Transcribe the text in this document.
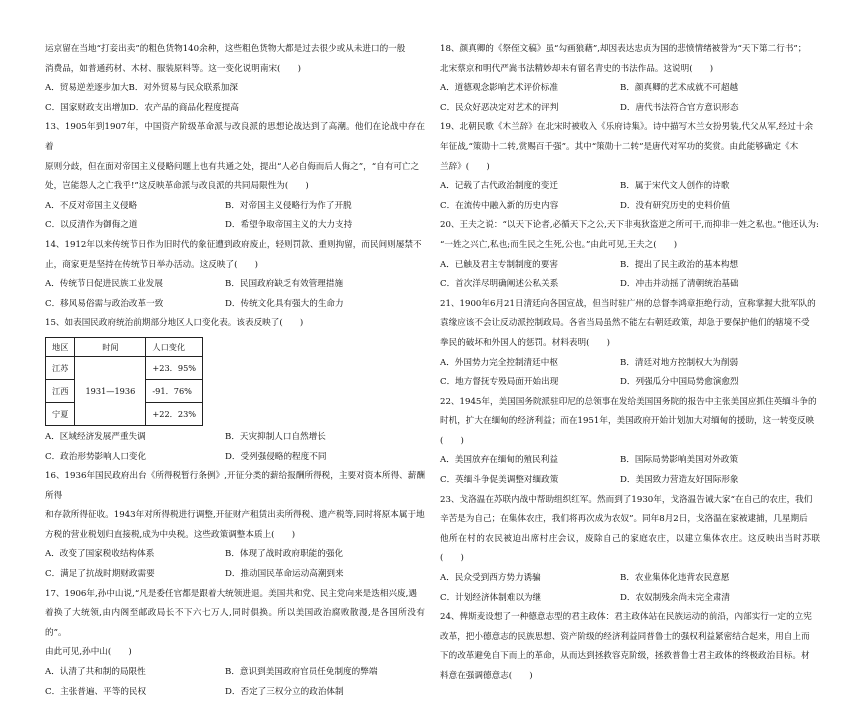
运京留在当地“打妾出卖”的粗色货物140余种，这些粗色货物大都是过去很少或从未进口的一般

消费品，如普通药材、木材、服装原料等。这一变化说明南宋(　　)

A．贸易逆差逐步加大B．对外贸易与民众联系加深

C．国家财政支出增加D．农产品的商品化程度提高

13、1905年到1907年，中国资产阶级革命派与改良派的思想论战达到了高潮。他们在论战中存在着

原则分歧，但在面对帝国主义侵略问题上也有共通之处，提出“人必自侮而后人侮之”，“自有可亡之

处，岂能怨人之亡我乎!”这反映革命派与改良派的共同局限性为(　　)

A．不反对帝国主义侵略	B．对帝国主义侵略行为作了开脱
C．以反清作为御侮之道	D．希望争取帝国主义的大力支持

14、1912年以来传统节日作为旧时代的象征遭到政府废止，轻则罚款、重则拘留，而民间则屡禁不

止，商家更是坚持在传统节日举办活动。这反映了(　　)

A．传统节日促进民族工业发展	B．民国政府缺乏有效管理措施
C．移风易俗需与政治改革一致	D．传统文化具有强大的生命力

15、如表国民政府统治前期部分地区人口变化表。该表反映了(　　)

地区	时间	人口变化
江苏	1931—1936	+23．95%
江西		-91．76%
宁夏		+22．23%
A．区域经济发展严重失调	B．天灾抑制人口自然增长
C．政治形势影响人口变化	D．受列强侵略的程度不同

16、1936年国民政府出台《所得税暂行条例》,开征分类的薪给报酬所得税，主要对资本所得、薪酬所得

和存款所得征收。1943年对所得税进行调整,开征财产租赁出卖所得税、遗产税等,同时将原本属于地

方税的营业税划归直接税,成为中央税。这些政策调整本质上(　　)

A．改变了国家税收结构体系	B．体现了战时政府职能的强化
C．满足了抗战时期财政需要	D．推动国民革命运动高潮到来

17、1906年,孙中山说,“凡是委任官都是跟着大统领进退。美国共和党、民主党向来是迭相兴废,遇

着换了大统领,由内阁至邮政局长不下六七万人,同时俱换。所以美国政治腐败散漫,是各国所没有的”。

由此可见,孙中山(　　)

A．认清了共和制的局限性	B．意识到美国政府官员任免制度的弊端
C．主张普遍、平等的民权	D．否定了三权分立的政治体制

18、颜真卿的《祭侄文稿》虽“勾画狼藉”,却因表达忠贞为国的悲愤情绪被誉为“天下第二行书”；

北宋蔡京和明代严嵩书法精妙却未有留名青史的书法作品。这说明(　　)

A．道德观念影响艺术评价标准	B．颜真卿的艺术成就不可超越
C．民众好恶决定对艺术的评判	D．唐代书法符合官方意识形态

19、北朝民歌《木兰辞》在北宋时被收入《乐府诗集》。诗中描写木兰女扮男装,代父从军,经过十余

年征战,“策勋十二转,赏赐百千强”。其中“策勋十二转”是唐代对军功的奖赏。由此能够确定《木

兰辞》(　　)

A．记载了古代政治制度的变迁	B．属于宋代文人创作的诗歌
C．在流传中融入新的历史内容	D．没有研究历史的史料价值

20、王夫之说：“以天下论者,必循天下之公,天下非夷狄盗逆之所可干,而抑非一姓之私也。”他还认为:

“一姓之兴亡,私也;而生民之生死,公也。”由此可见,王夫之(　　)

A．已触及君主专制制度的要害	B．提出了民主政治的基本构想
C．首次洋尽明确阐述公私关系	D．冲击并动摇了清朝统治基础

21、1900年6月21日清廷向各国宣战，但当时驻广州的总督李鸿章拒绝行动，宣称掌握大批军队的

袁缘应该不会让反动派控制政局。各省当局虽然不能左右朝廷政策，却急于要保护他们的辖境不受

拳民的破坏和外国人的惩罚。材料表明(　　)

A．外国势力完全控制清廷中枢	B．清廷对地方控制权大为削弱
C．地方督抚专殁局面开始出现	D．列强瓜分中国局势愈演愈烈

22、1945年，美国国务院派驻印尼的总领事在发给美国国务院的报告中主张美国应抓住英缅斗争的

时机，扩大在缅甸的经济利益；而在1951年，美国政府开始计划加大对缅甸的援助，这一转变反映

(　　)

A．美国放弃在缅甸的殖民利益	B．国际局势影响美国对外政策
C．英缅斗争促美调整对缅政策	D．美国致力营造友好国际形象

23、戈洛温在苏联内战中帮助组织红军。然而到了1930年，戈洛温告诫大家“在自己的农庄，我们

辛苦是为自己；在集体农庄，我们将再次成为农奴”。同年8月2日，戈洛温在家被逮捕，几星期后

他所在村的农民被迫出席村庄会议，废除自己的家庭农庄，以建立集体农庄。这反映出当时苏联(　　)

A．民众受到西方势力诱骗	B．农业集体化违背农民意愿
C．计划经济体制难以为继	D．农奴制残余尚未完全肃清

24、俾斯麦设想了一种德意志型的君主政体：君主政体站在民族运动的前沿，內部实行一定的立宪

改革，把小德意志的民族思想、资产阶级的经济利益同普鲁士的强权利益紧密结合起来，用自上而

下的改革避免自下而上的革命，从而达到拯救容克阶级，拯救普鲁士君主政体的终极政治目标。材

料意在强调德意志(　　)
